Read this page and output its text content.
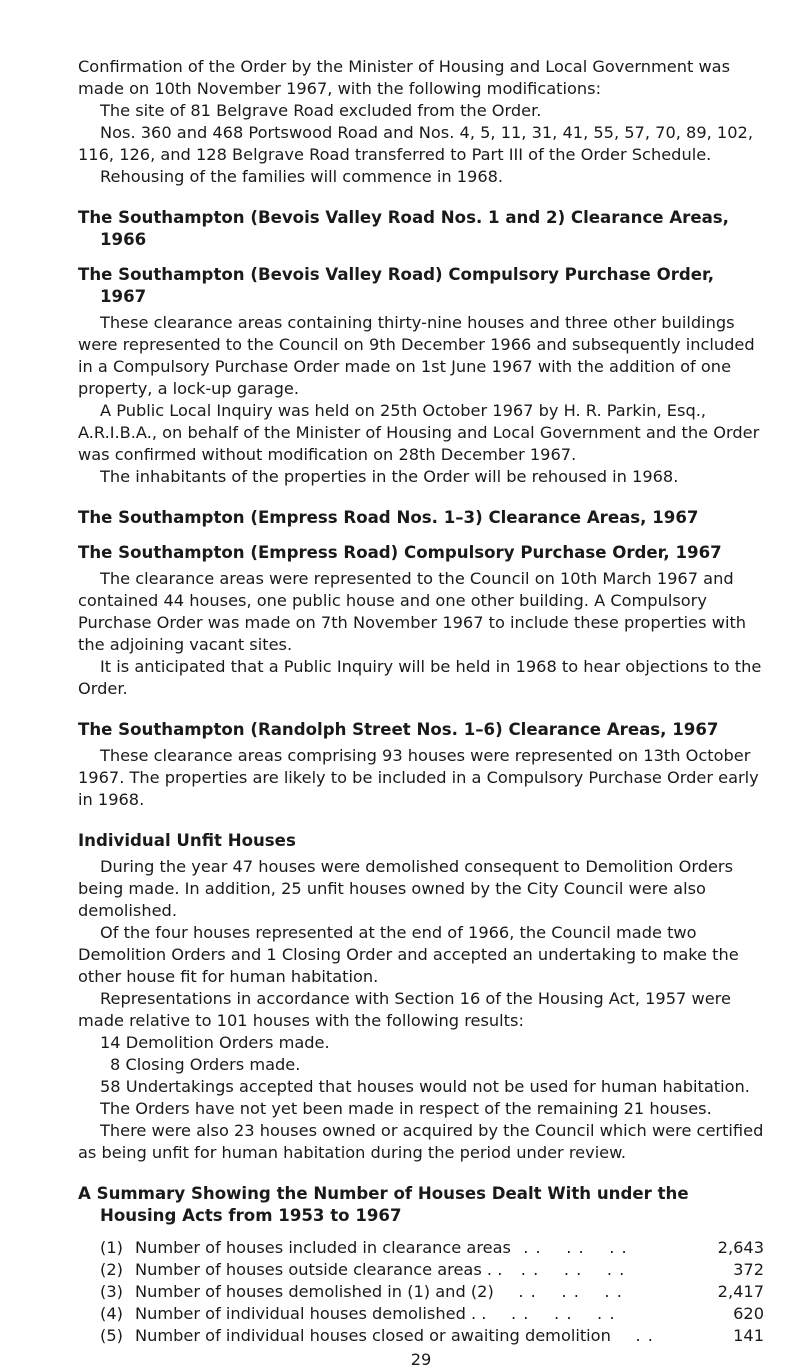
Confirmation of the Order by the Minister of Housing and Local Government was made on 10th November 1967, with the following modifications:

The site of 81 Belgrave Road excluded from the Order.

Nos. 360 and 468 Portswood Road and Nos. 4, 5, 11, 31, 41, 55, 57, 70, 89, 102, 116, 126, and 128 Belgrave Road transferred to Part III of the Order Schedule.

Rehousing of the families will commence in 1968.

The Southampton (Bevois Valley Road Nos. 1 and 2) Clearance Areas, 1966

The Southampton (Bevois Valley Road) Compulsory Purchase Order, 1967

These clearance areas containing thirty-nine houses and three other buildings were represented to the Council on 9th December 1966 and subsequently included in a Compulsory Purchase Order made on 1st June 1967 with the addition of one property, a lock-up garage.

A Public Local Inquiry was held on 25th October 1967 by H. R. Parkin, Esq., A.R.I.B.A., on behalf of the Minister of Housing and Local Government and the Order was confirmed without modification on 28th December 1967.

The inhabitants of the properties in the Order will be rehoused in 1968.

The Southampton (Empress Road Nos. 1–3) Clearance Areas, 1967

The Southampton (Empress Road) Compulsory Purchase Order, 1967

The clearance areas were represented to the Council on 10th March 1967 and contained 44 houses, one public house and one other building. A Compulsory Purchase Order was made on 7th November 1967 to include these properties with the adjoining vacant sites.

It is anticipated that a Public Inquiry will be held in 1968 to hear objections to the Order.

The Southampton (Randolph Street Nos. 1–6) Clearance Areas, 1967

These clearance areas comprising 93 houses were represented on 13th October 1967. The properties are likely to be included in a Compulsory Purchase Order early in 1968.

Individual Unfit Houses

During the year 47 houses were demolished consequent to Demolition Orders being made. In addition, 25 unfit houses owned by the City Council were also demolished.

Of the four houses represented at the end of 1966, the Council made two Demolition Orders and 1 Closing Order and accepted an undertaking to make the other house fit for human habitation.

Representations in accordance with Section 16 of the Housing Act, 1957 were made relative to 101 houses with the following results:

14 Demolition Orders made.

8 Closing Orders made.

58 Undertakings accepted that houses would not be used for human habitation.

The Orders have not yet been made in respect of the remaining 21 houses.

There were also 23 houses owned or acquired by the Council which were certified as being unfit for human habitation during the period under review.

A Summary Showing the Number of Houses Dealt With under the Housing Acts from 1953 to 1967

(1) Number of houses included in clearance areas  . .    . .    . .	2,643
(2) Number of houses outside clearance areas . .   . .    . .    . .	372
(3) Number of houses demolished in (1) and (2)    . .    . .    . .	2,417
(4) Number of individual houses demolished . .    . .    . .    . .	620
(5) Number of individual houses closed or awaiting demolition    . .	141

29
